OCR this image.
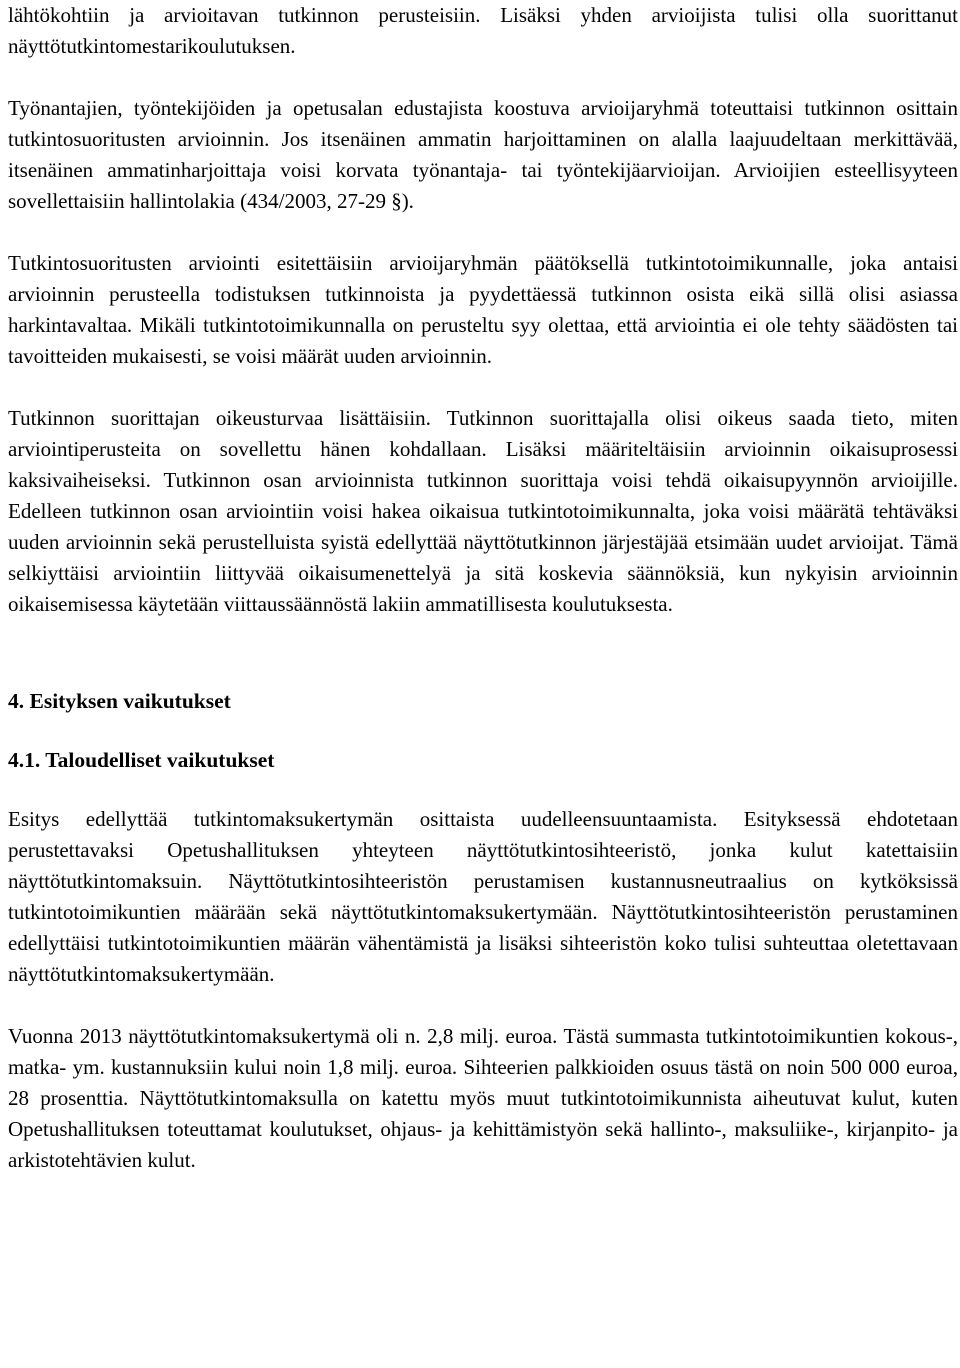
lähtökohtiin ja arvioitavan tutkinnon perusteisiin. Lisäksi yhden arvioijista tulisi olla suorittanut näyttötutkintomestarikoulutuksen.

Työnantajien, työntekijöiden ja opetusalan edustajista koostuva arvioijaryhmä toteuttaisi tutkinnon osittain tutkintosuoritusten arvioinnin. Jos itsenäinen ammatin harjoittaminen on alalla laajuudeltaan merkittävää, itsenäinen ammatinharjoittaja voisi korvata työnantaja- tai työntekijäarvioijan. Arvioijien esteellisyyteen sovellettaisiin hallintolakia (434/2003, 27-29 §).

Tutkintosuoritusten arviointi esitettäisiin arvioijaryhmän päätöksellä tutkintotoimikunnalle, joka antaisi arvioinnin perusteella todistuksen tutkinnoista ja pyydettäessä tutkinnon osista eikä sillä olisi asiassa harkintavaltaa. Mikäli tutkintotoimikunnalla on perusteltu syy olettaa, että arviointia ei ole tehty säädösten tai tavoitteiden mukaisesti, se voisi määrät uuden arvioinnin.

Tutkinnon suorittajan oikeusturvaa lisättäisiin. Tutkinnon suorittajalla olisi oikeus saada tieto, miten arviointiperusteita on sovellettu hänen kohdallaan. Lisäksi määriteltäisiin arvioinnin oikaisuprosessi kaksivaiheiseksi. Tutkinnon osan arvioinnista tutkinnon suorittaja voisi tehdä oikaisupyynnön arvioijille. Edelleen tutkinnon osan arviointiin voisi hakea oikaisua tutkintotoimikunnalta, joka voisi määrätä tehtäväksi uuden arvioinnin sekä perustelluista syistä edellyttää näyttötutkinnon järjestäjää etsimään uudet arvioijat. Tämä selkiyttäisi arviointiin liittyvää oikaisumenettelyä ja sitä koskevia säännöksiä, kun nykyisin arvioinnin oikaisemisessa käytetään viittaussäännöstä lakiin ammatillisesta koulutuksesta.

4. Esityksen vaikutukset
4.1. Taloudelliset vaikutukset

Esitys edellyttää tutkintomaksukertymän osittaista uudelleensuuntaamista. Esityksessä ehdotetaan perustettavaksi Opetushallituksen yhteyteen näyttötutkintosihteeristö, jonka kulut katettaisiin näyttötutkintomaksuin. Näyttötutkintosihteeristön perustamisen kustannusneutraalius on kytköksissä tutkintotoimikuntien määrään sekä näyttötutkintomaksukertymään. Näyttötutkintosihteeristön perustaminen edellyttäisi tutkintotoimikuntien määrän vähentämistä ja lisäksi sihteeristön koko tulisi suhteuttaa oletettavaan näyttötutkintomaksukertymään.

Vuonna 2013 näyttötutkintomaksukertymä oli n. 2,8 milj. euroa. Tästä summasta tutkintotoimikuntien kokous-, matka- ym. kustannuksiin kului noin 1,8 milj. euroa. Sihteerien palkkioiden osuus tästä on noin 500 000 euroa, 28 prosenttia. Näyttötutkintomaksulla on katettu myös muut tutkintotoimikunnista aiheutuvat kulut, kuten Opetushallituksen toteuttamat koulutukset, ohjaus- ja kehittämistyön sekä hallinto-, maksuliike-, kirjanpito- ja arkistotehtävien kulut.
